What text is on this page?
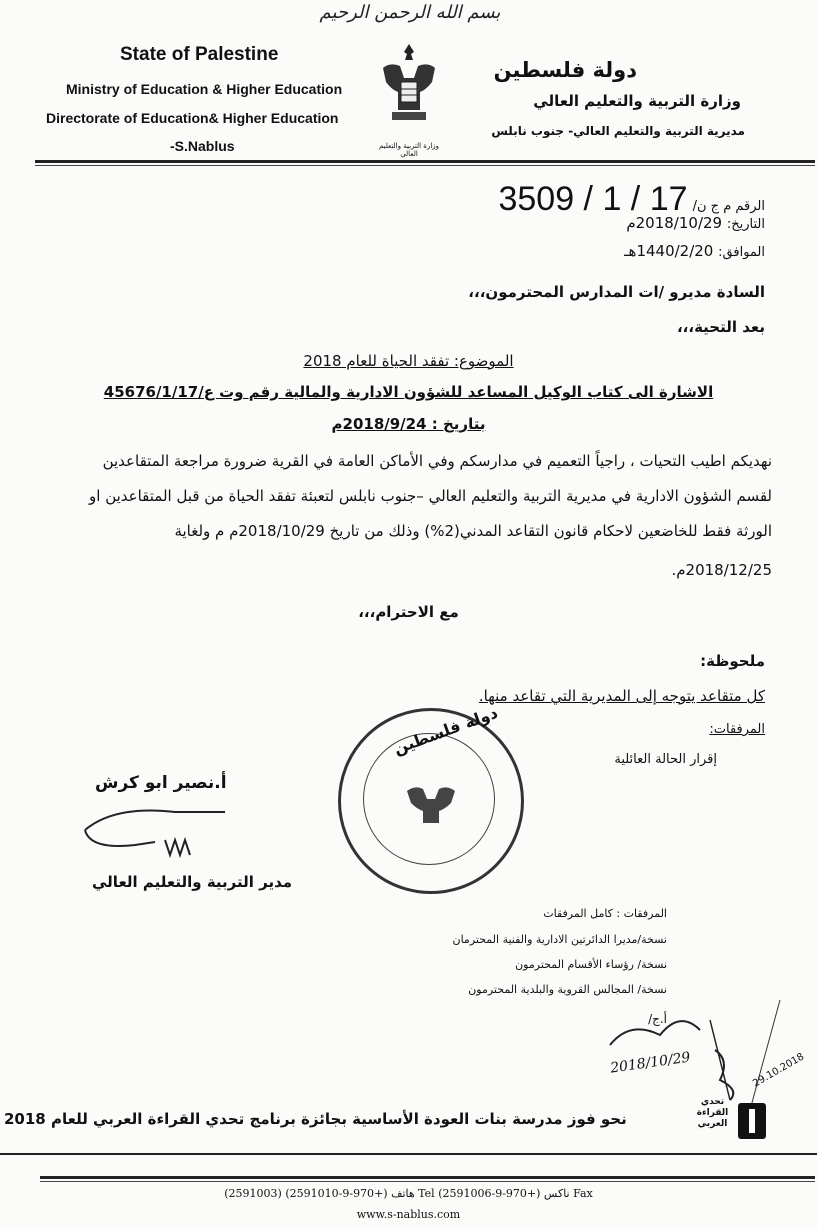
بسم الله الرحمن الرحيم
State of Palestine
Ministry of Education & Higher Education
Directorate of Education& Higher Education
-S.Nablus	وزارة التربية والتعليم العالي
دولة فلسطين
وزارة التربية والتعليم العالي
مديرية التربية والتعليم العالي- جنوب نابلس
الرقم م ج ن/ 3509 / 1 / 17
التاريخ: 2018/10/29م
الموافق: 1440/2/20هـ
السادة مديرو /ات المدارس المحترمون،،،
بعد التحية،،،
الموضوع: تفقد الحياة للعام 2018
الاشارة الى كتاب الوكيل المساعد للشؤون الادارية والمالية رقم وت ع/45676/1/17
بتاريخ : 2018/9/24م
نهديكم اطيب التحيات ، راجياً التعميم في مدارسكم وفي الأماكن العامة في القرية ضرورة مراجعة المتقاعدين
لقسم الشؤون الادارية في مديرية التربية والتعليم العالي –جنوب نابلس لتعبئة تفقد الحياة من قبل المتقاعدين او
الورثة فقط للخاضعين لاحكام قانون التقاعد المدني(2%) وذلك من تاريخ 2018/10/29م م ولغاية
2018/12/25م.
مع الاحترام،،،
ملحوظة:
كل متقاعد يتوجه إلى المديرية التي تقاعد منها.
المرفقات:
إقرار الحالة العائلية
دولة فلسطين
أ.نصير ابو كرش
مدير التربية والتعليم العالي
المرفقات : كامل المرفقات
نسخة/مديرا الدائرتين الادارية والفنية المحترمان
نسخة/ رؤساء الأقسام المحترمون
نسخة/ المجالس القروية والبلدية المحترمون
أ.ج/
29.10.2018
2018/10/29
تحدي
القراءة
العربي
نحو فوز مدرسة بنات العودة الأساسية بجائزة برنامج تحدي القراءة العربي للعام 2018
هاتف (+970-9-2591010) (2591003) Tel ناكس (+970-9-2591006) Fax
www.s-nablus.com
